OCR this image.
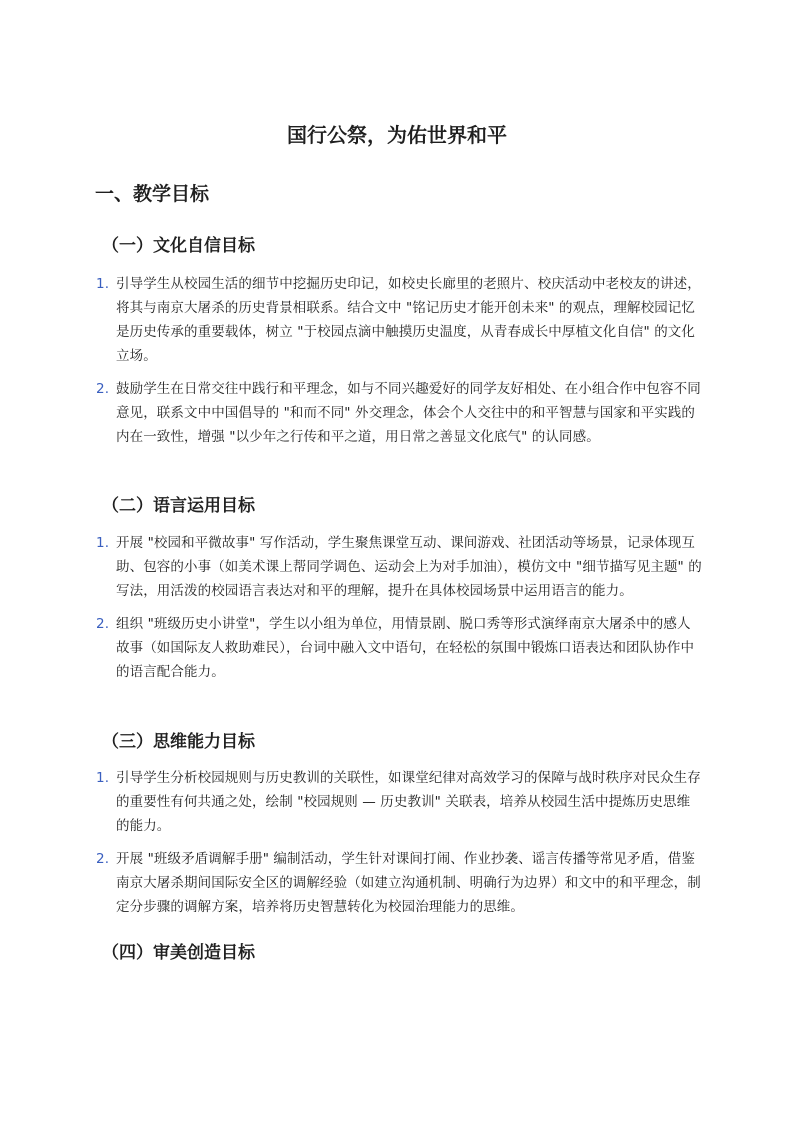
国行公祭，为佑世界和平
一、教学目标
（一）文化自信目标
1. 引导学生从校园生活的细节中挖掘历史印记，如校史长廊里的老照片、校庆活动中老校友的讲述，将其与南京大屠杀的历史背景相联系。结合文中 "铭记历史才能开创未来" 的观点，理解校园记忆是历史传承的重要载体，树立 "于校园点滴中触摸历史温度，从青春成长中厚植文化自信" 的文化立场。
2. 鼓励学生在日常交往中践行和平理念，如与不同兴趣爱好的同学友好相处、在小组合作中包容不同意见，联系文中中国倡导的 "和而不同" 外交理念，体会个人交往中的和平智慧与国家和平实践的内在一致性，增强 "以少年之行传和平之道，用日常之善显文化底气" 的认同感。
（二）语言运用目标
1. 开展 "校园和平微故事" 写作活动，学生聚焦课堂互动、课间游戏、社团活动等场景，记录体现互助、包容的小事（如美术课上帮同学调色、运动会上为对手加油），模仿文中 "细节描写见主题" 的写法，用活泼的校园语言表达对和平的理解，提升在具体校园场景中运用语言的能力。
2. 组织 "班级历史小讲堂"，学生以小组为单位，用情景剧、脱口秀等形式演绎南京大屠杀中的感人故事（如国际友人救助难民），台词中融入文中语句，在轻松的氛围中锻炼口语表达和团队协作中的语言配合能力。
（三）思维能力目标
1. 引导学生分析校园规则与历史教训的关联性，如课堂纪律对高效学习的保障与战时秩序对民众生存的重要性有何共通之处，绘制 "校园规则 — 历史教训" 关联表，培养从校园生活中提炼历史思维的能力。
2. 开展 "班级矛盾调解手册" 编制活动，学生针对课间打闹、作业抄袭、谣言传播等常见矛盾，借鉴南京大屠杀期间国际安全区的调解经验（如建立沟通机制、明确行为边界）和文中的和平理念，制定分步骤的调解方案，培养将历史智慧转化为校园治理能力的思维。
（四）审美创造目标
